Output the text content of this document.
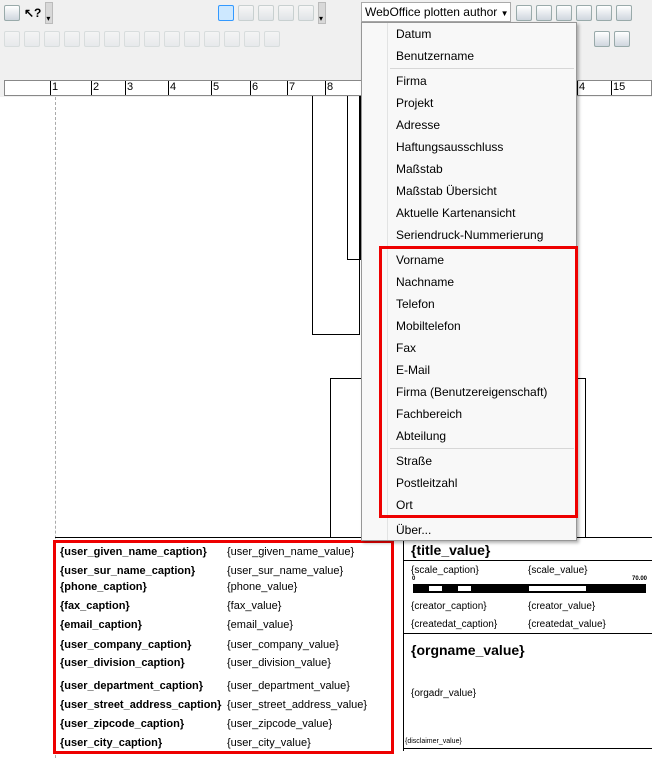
↖? ▾ ▾	WebOffice plotten author ▼
1	2	3	4	5	6	7	8	4	15
{title_value}
{scale_caption}	{scale_value}
0	70.00
{creator_caption}	{creator_value}
{createdat_caption}	{createdat_value}
{orgname_value}
{orgadr_value}
{disclaimer_value}
{user_given_name_caption} {user_given_name_value}
{user_sur_name_caption}	{user_sur_name_value}
{phone_caption}	{phone_value}
{fax_caption}	{fax_value}
{email_caption}	{email_value}
{user_company_caption}	{user_company_value}
{user_division_caption}	{user_division_value}
{user_department_caption} {user_department_value}
{user_street_address_caption} {user_street_address_value}
{user_zipcode_caption}	{user_zipcode_value}
{user_city_caption}	{user_city_value}
Datum
Benutzername
Firma
Projekt
Adresse
Haftungsausschluss
Maßstab
Maßstab Übersicht
Aktuelle Kartenansicht
Seriendruck-Nummerierung
Vorname
Nachname
Telefon
Mobiltelefon
Fax
E-Mail
Firma (Benutzereigenschaft)
Fachbereich
Abteilung
Straße
Postleitzahl
Ort
Über...
